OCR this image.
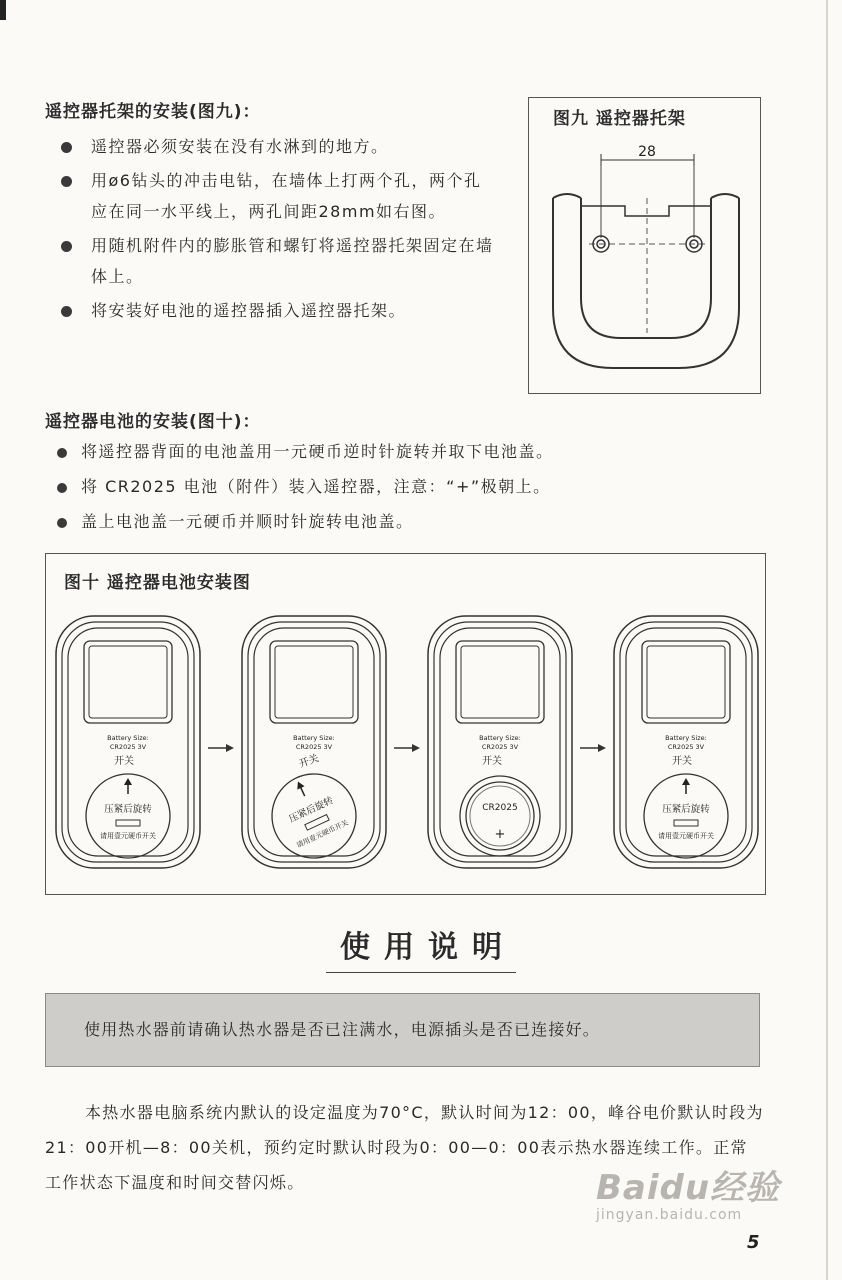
遥控器托架的安装(图九)：
遥控器必须安装在没有水淋到的地方。
用ø6钻头的冲击电钻，在墙体上打两个孔，两个孔应在同一水平线上，两孔间距28mm如右图。
用随机附件内的膨胀管和螺钉将遥控器托架固定在墙体上。
将安装好电池的遥控器插入遥控器托架。
图九 遥控器托架
28
遥控器电池的安装(图十)：
将遥控器背面的电池盖用一元硬币逆时针旋转并取下电池盖。
将 CR2025 电池（附件）装入遥控器，注意：“+”极朝上。
盖上电池盖一元硬币并顺时针旋转电池盖。
图十 遥控器电池安装图
Battery Size:
CR2025 3V
压紧后旋转
请用壹元硬币开关
开关
Battery Size:
CR2025 3V
压紧后旋转
请用壹元硬币开关
开关
Battery Size:
CR2025 3V
CR2025
+
开关
Battery Size:
CR2025 3V
压紧后旋转
请用壹元硬币开关
开关
使用说明
使用热水器前请确认热水器是否已注满水，电源插头是否已连接好。
本热水器电脑系统内默认的设定温度为70°C，默认时间为12：00，峰谷电价默认时段为21：00开机—8：00关机，预约定时默认时段为0：00—0：00表示热水器连续工作。正常工作状态下温度和时间交替闪烁。	Baidu经验
jingyan.baidu.com
5
